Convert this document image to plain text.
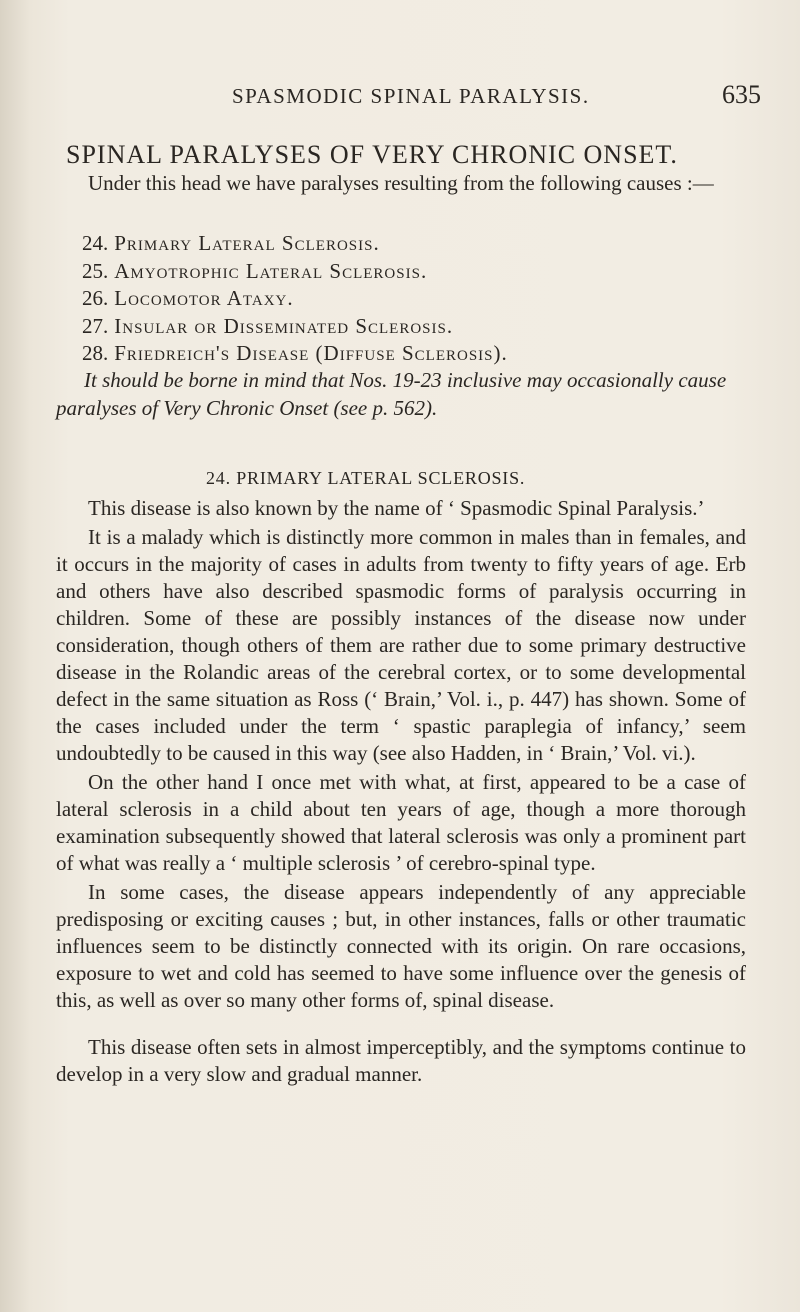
SPASMODIC SPINAL PARALYSIS.	635
SPINAL PARALYSES OF VERY CHRONIC ONSET.

Under this head we have paralyses resulting from the following causes :—

24. Primary Lateral Sclerosis.
25. Amyotrophic Lateral Sclerosis.
26. Locomotor Ataxy.
27. Insular or Disseminated Sclerosis.
28. Friedreich's Disease (Diffuse Sclerosis).

It should be borne in mind that Nos. 19-23 inclusive may occasionally cause paralyses of Very Chronic Onset (see p. 562).

24. PRIMARY LATERAL SCLEROSIS.

This disease is also known by the name of ‘ Spasmodic Spinal Paralysis.’

It is a malady which is distinctly more common in males than in females, and it occurs in the majority of cases in adults from twenty to fifty years of age. Erb and others have also described spasmodic forms of paralysis occurring in children. Some of these are possibly instances of the disease now under consideration, though others of them are rather due to some primary destructive disease in the Rolandic areas of the cerebral cortex, or to some developmental defect in the same situation as Ross (‘ Brain,’ Vol. i., p. 447) has shown. Some of the cases included under the term ‘ spastic paraplegia of infancy,’ seem undoubtedly to be caused in this way (see also Hadden, in ‘ Brain,’ Vol. vi.).

On the other hand I once met with what, at first, appeared to be a case of lateral sclerosis in a child about ten years of age, though a more thorough examination subsequently showed that lateral sclerosis was only a prominent part of what was really a ‘ multiple sclerosis ’ of cerebro-spinal type.

In some cases, the disease appears independently of any appreciable predisposing or exciting causes ; but, in other instances, falls or other traumatic influences seem to be distinctly connected with its origin. On rare occasions, exposure to wet and cold has seemed to have some influence over the genesis of this, as well as over so many other forms of, spinal disease.

This disease often sets in almost imperceptibly, and the symptoms continue to develop in a very slow and gradual manner.
